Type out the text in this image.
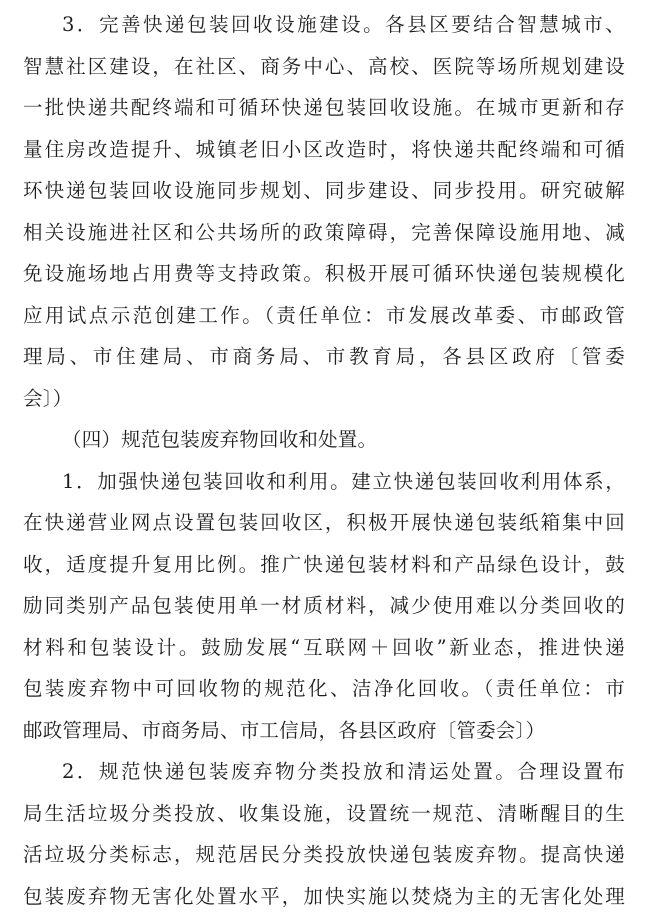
3．完善快递包装回收设施建设。各县区要结合智慧城市、
智慧社区建设，在社区、商务中心、高校、医院等场所规划建设
一批快递共配终端和可循环快递包装回收设施。在城市更新和存
量住房改造提升、城镇老旧小区改造时，将快递共配终端和可循
环快递包装回收设施同步规划、同步建设、同步投用。研究破解
相关设施进社区和公共场所的政策障碍，完善保障设施用地、减
免设施场地占用费等支持政策。积极开展可循环快递包装规模化
应用试点示范创建工作。（责任单位：市发展改革委、市邮政管
理局、市住建局、市商务局、市教育局，各县区政府〔管委
会〕）
（四）规范包装废弃物回收和处置。
1．加强快递包装回收和利用。建立快递包装回收利用体系，
在快递营业网点设置包装回收区，积极开展快递包装纸箱集中回
收，适度提升复用比例。推广快递包装材料和产品绿色设计，鼓
励同类别产品包装使用单一材质材料，减少使用难以分类回收的
材料和包装设计。鼓励发展“互联网＋回收”新业态，推进快递
包装废弃物中可回收物的规范化、洁净化回收。（责任单位：市
邮政管理局、市商务局、市工信局，各县区政府〔管委会〕）
2．规范快递包装废弃物分类投放和清运处置。合理设置布
局生活垃圾分类投放、收集设施，设置统一规范、清晰醒目的生
活垃圾分类标志，规范居民分类投放快递包装废弃物。提高快递
包装废弃物无害化处置水平，加快实施以焚烧为主的无害化处理
